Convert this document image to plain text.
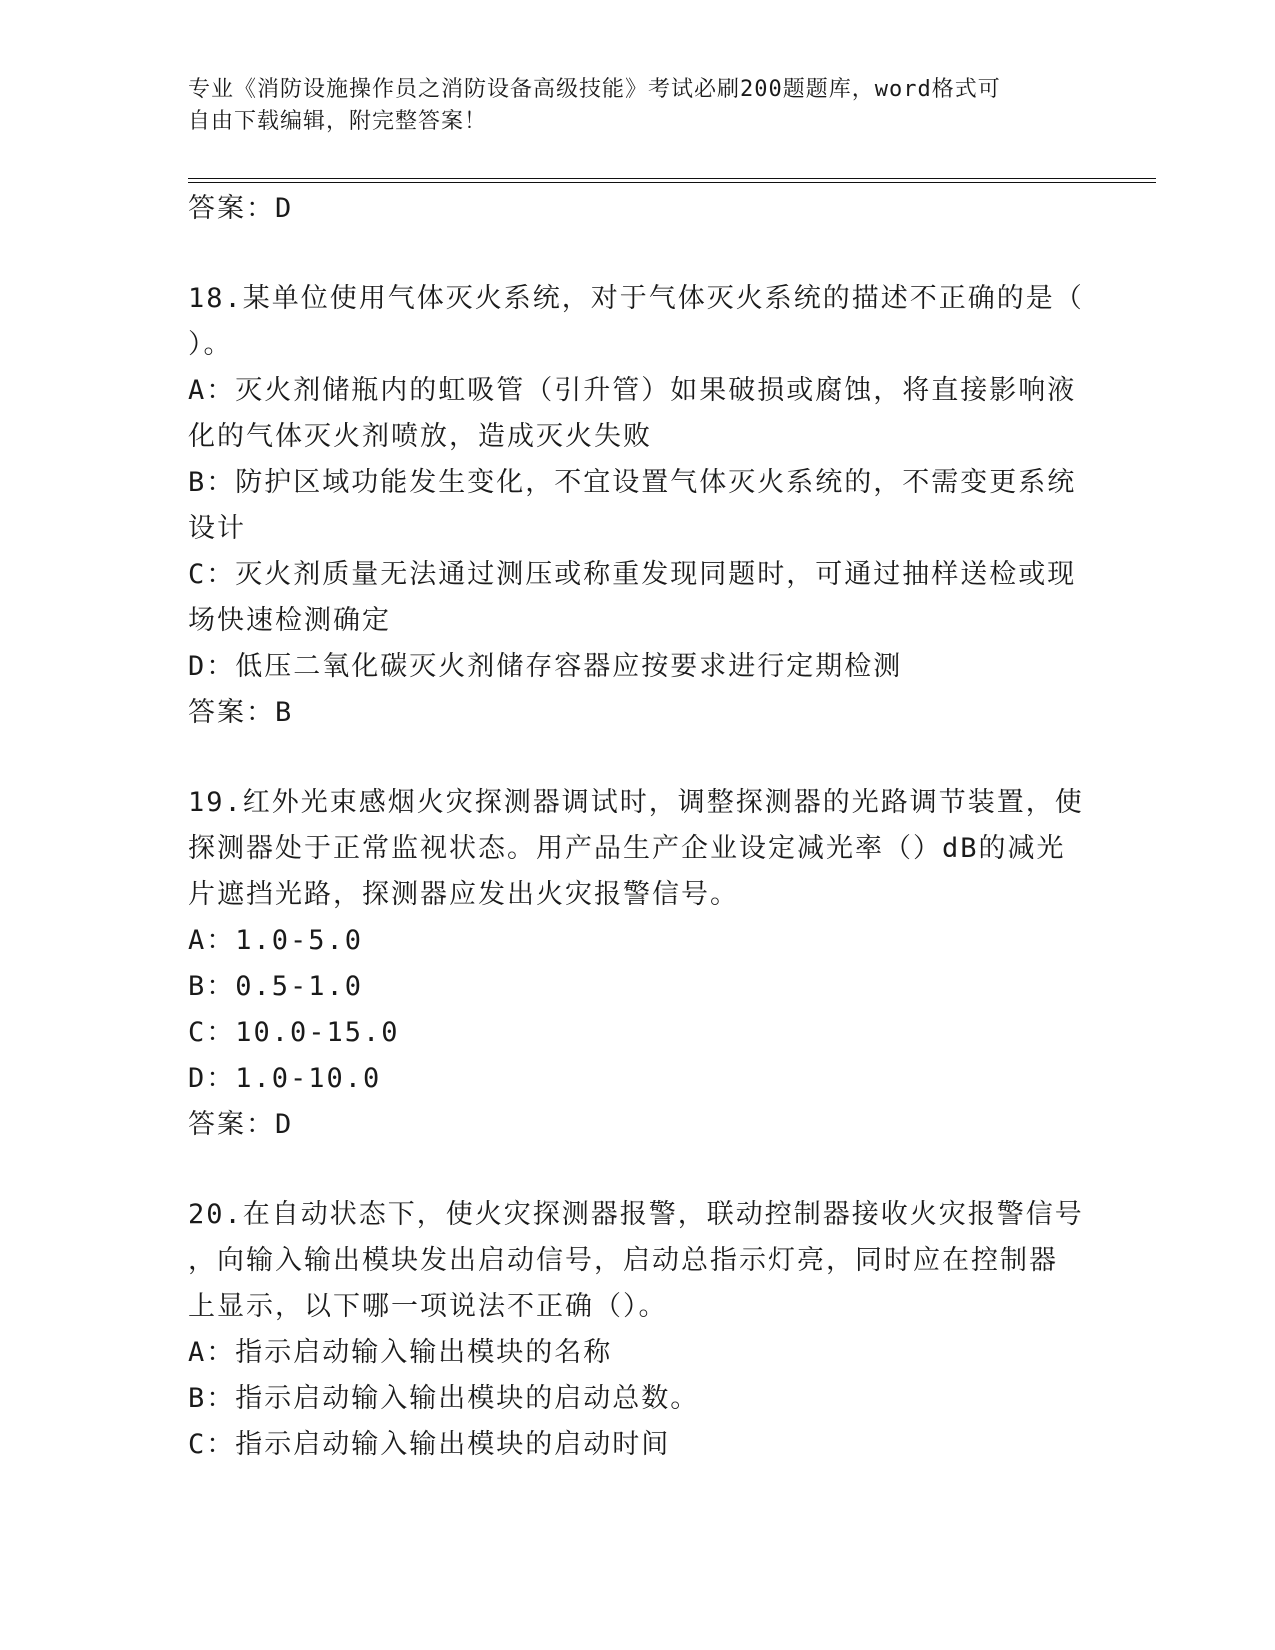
专业《消防设施操作员之消防设备高级技能》考试必刷200题题库，word格式可
自由下载编辑，附完整答案！
答案：D
18.某单位使用气体灭火系统，对于气体灭火系统的描述不正确的是（
）。
A：灭火剂储瓶内的虹吸管（引升管）如果破损或腐蚀，将直接影响液
化的气体灭火剂喷放，造成灭火失败
B：防护区域功能发生变化，不宜设置气体灭火系统的，不需变更系统
设计
C：灭火剂质量无法通过测压或称重发现同题时，可通过抽样送检或现
场快速检测确定
D：低压二氧化碳灭火剂储存容器应按要求进行定期检测
答案：B
19.红外光束感烟火灾探测器调试时，调整探测器的光路调节装置，使
探测器处于正常监视状态。用产品生产企业设定减光率（）dB的减光
片遮挡光路，探测器应发出火灾报警信号。
A：1.0-5.0
B：0.5-1.0
C：10.0-15.0
D：1.0-10.0
答案：D
20.在自动状态下，使火灾探测器报警，联动控制器接收火灾报警信号
，向输入输出模块发出启动信号，启动总指示灯亮，同时应在控制器
上显示，以下哪一项说法不正确（）。
A：指示启动输入输出模块的名称
B：指示启动输入输出模块的启动总数。
C：指示启动输入输出模块的启动时间
